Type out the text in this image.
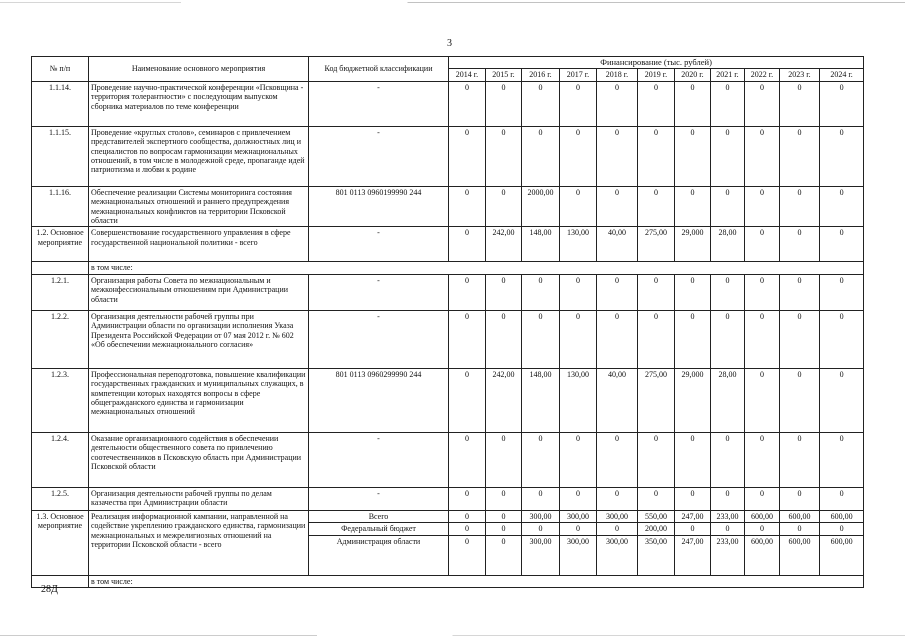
3
№ п/п	Наименование основного мероприятия	Код бюджетной классификации	Финансирование (тыс. рублей)										
			2014 г.	2015 г.	2016 г.	2017 г.	2018 г.	2019 г.	2020 г.	2021 г.	2022 г.	2023 г.	2024 г.
1.1.14.	Проведение научно-практической конференции «Псковщина - территория толерантности» с последующим выпуском сборника материалов по теме конференции	-	0	0	0	0	0	0	0	0	0	0	0
1.1.15.	Проведение «круглых столов», семинаров с привлечением представителей экспертного сообщества, должностных лиц и специалистов по вопросам гармонизации межнациональных отношений, в том числе в молодежной среде, пропаганде идей патриотизма и любви к родине	-	0	0	0	0	0	0	0	0	0	0	0
1.1.16.	Обеспечение реализации Системы мониторинга состояния межнациональных отношений и раннего предупреждения межнациональных конфликтов на территории Псковской области	801 0113 0960199990 244	0	0	2000,00	0	0	0	0	0	0	0	0
1.2. Основное мероприятие	Совершенствование государственного управления в сфере государственной национальной политики - всего	-	0	242,00	148,00	130,00	40,00	275,00	29,000	28,00	0	0	0
	в том числе:												
1.2.1.	Организация работы Совета по межнациональным и межконфессиональным отношениям при Администрации области	-	0	0	0	0	0	0	0	0	0	0	0
1.2.2.	Организация деятельности рабочей группы при Администрации области по организации исполнения Указа Президента Российской Федерации от 07 мая 2012 г. № 602 «Об обеспечении межнационального согласия»	-	0	0	0	0	0	0	0	0	0	0	0
1.2.3.	Профессиональная переподготовка, повышение квалификации государственных гражданских и муниципальных служащих, в компетенции которых находятся вопросы в сфере общегражданского единства и гармонизации межнациональных отношений	801 0113 0960299990 244	0	242,00	148,00	130,00	40,00	275,00	29,000	28,00	0	0	0
1.2.4.	Оказание организационного содействия в обеспечении деятельности общественного совета по привлечению соотечественников в Псковскую область при Администрации Псковской области	-	0	0	0	0	0	0	0	0	0	0	0
1.2.5.	Организация деятельности рабочей группы по делам казачества при Администрации области	-	0	0	0	0	0	0	0	0	0	0	0
1.3. Основное мероприятие	Реализация информационной кампании, направленной на содействие укреплению гражданского единства, гармонизации межнациональных и межрелигиозных отношений на территории Псковской области - всего	Всего	0	0	300,00	300,00	300,00	550,00	247,00	233,00	600,00	600,00	600,00
		Федеральный бюджет	0	0	0	0	0	200,00	0	0	0	0	0
		Администрация области	0	0	300,00	300,00	300,00	350,00	247,00	233,00	600,00	600,00	600,00
	в том числе:												
28Д
